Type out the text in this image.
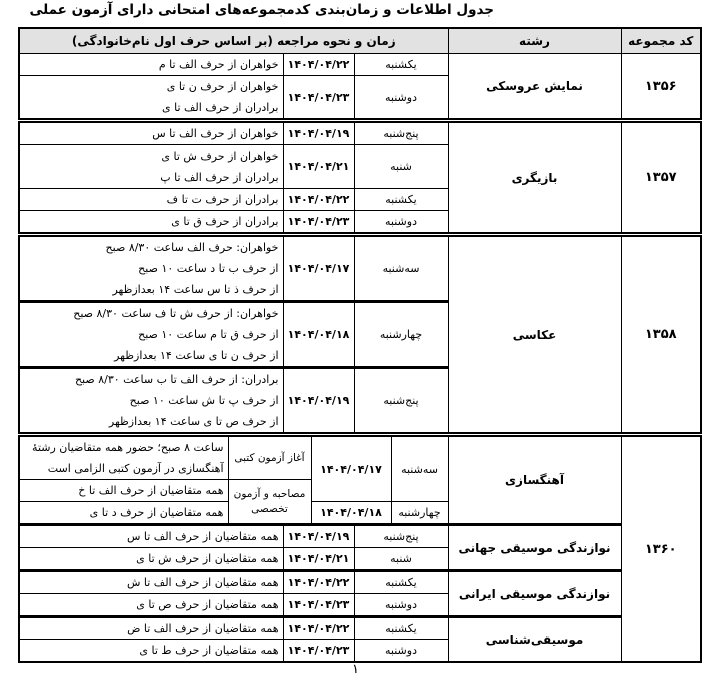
جدول اطلاعات و زمان‌بندی کدمجموعه‌های امتحانی دارای آزمون عملی
کد مجموعه	رشته	زمان و نحوه مراجعه (بر اساس حرف اول نام‌خانوادگی)					
۱۳۵۶	نمایش عروسکی	یکشنبه		۱۴۰۴/۰۴/۲۲		خواهران از حرف الف تا م	

		دوشنبه		۱۴۰۴/۰۴/۲۳		خواهران از حرف ن تا ی
برادران از حرف الف تا ی	

۱۳۵۷	بازیگری	پنج‌شنبه		۱۴۰۴/۰۴/۱۹		خواهران از حرف الف تا س	

		شنبه		۱۴۰۴/۰۴/۲۱		خواهران از حرف ش تا ی
برادران از حرف الف تا پ	

		یکشنبه		۱۴۰۴/۰۴/۲۲		برادران از حرف ت تا ف	

		دوشنبه		۱۴۰۴/۰۴/۲۳		برادران از حرف ق تا ی	

۱۳۵۸	عکاسی	سه‌شنبه		۱۴۰۴/۰۴/۱۷		خواهران: حرف الف ساعت ۸/۳۰ صبح
از حرف ب تا د ساعت ۱۰ صبح
از حرف ذ تا س ساعت ۱۴ بعدازظهر	

		چهارشنبه		۱۴۰۴/۰۴/۱۸		خواهران: از حرف ش تا ف ساعت ۸/۳۰ صبح
از حرف ق تا م ساعت ۱۰ صبح
از حرف ن تا ی ساعت ۱۴ بعدازظهر	

		پنج‌شنبه		۱۴۰۴/۰۴/۱۹		برادران: از حرف الف تا ب ساعت ۸/۳۰ صبح
از حرف پ تا ش ساعت ۱۰ صبح
از حرف ص تا ی ساعت ۱۴ بعدازظهر	

۱۳۶۰	آهنگسازی	سه‌شنبه	۱۴۰۴/۰۴/۱۷		آغاز آزمون کتبی		ساعت ۸ صبح؛ حضور همه متقاضیان رشتهٔ
آهنگسازی در آزمون کتبی الزامی است

					مصاحبه و آزمون تخصصی		همه متقاضیان از حرف الف تا خ

		چهارشنبه	۱۴۰۴/۰۴/۱۸				همه متقاضیان از حرف د تا ی

	نوازندگی موسیقی جهانی	پنج‌شنبه		۱۴۰۴/۰۴/۱۹		همه متقاضیان از حرف الف تا س	

		شنبه		۱۴۰۴/۰۴/۲۱		همه متقاضیان از حرف ش تا ی	

	نوازندگی موسیقی ایرانی	یکشنبه		۱۴۰۴/۰۴/۲۲		همه متقاضیان از حرف الف تا ش	

		دوشنبه		۱۴۰۴/۰۴/۲۳		همه متقاضیان از حرف ص تا ی	

	موسیقی‌شناسی	یکشنبه		۱۴۰۴/۰۴/۲۲		همه متقاضیان از حرف الف تا ض	

		دوشنبه		۱۴۰۴/۰۴/۲۳		همه متقاضیان از حرف ط تا ی	
۱
